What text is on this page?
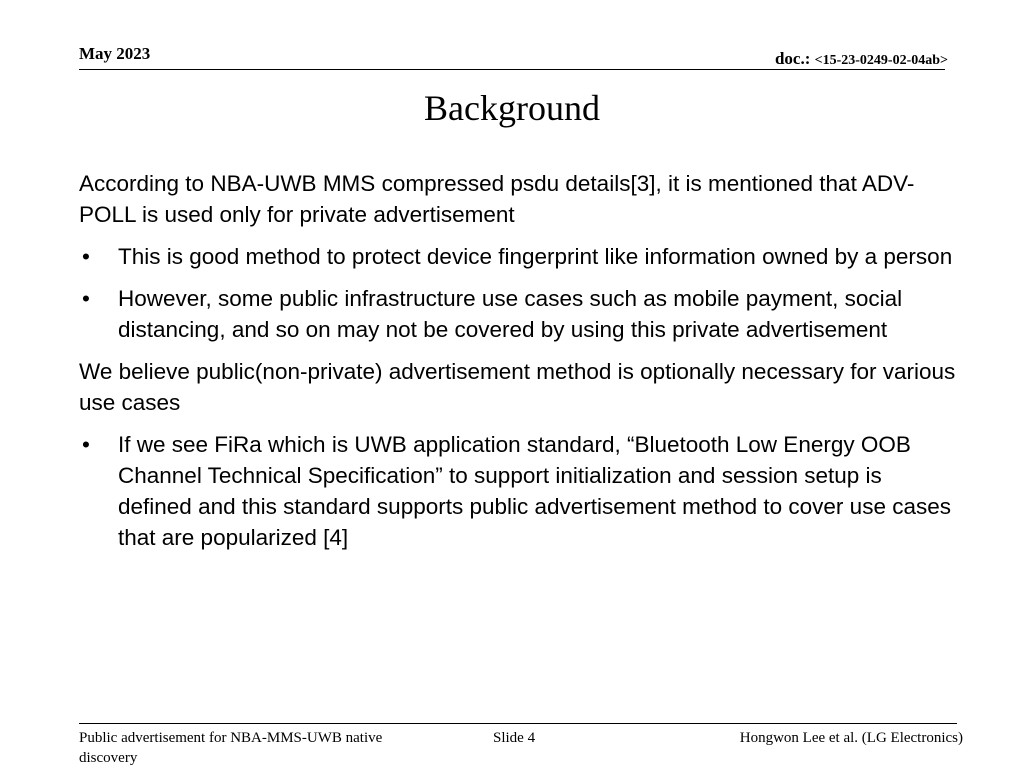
May 2023	doc.: <15-23-0249-02-04ab>
Background

According to NBA-UWB MMS compressed psdu details[3], it is mentioned that ADV-POLL is used only for private advertisement

• This is good method to protect device fingerprint like information owned by a person
• However, some public infrastructure use cases such as mobile payment, social distancing, and so on may not be covered by using this private advertisement

We believe public(non-private) advertisement method is optionally necessary for various use cases

• If we see FiRa which is UWB application standard, “Bluetooth Low Energy OOB Channel Technical Specification” to support initialization and session setup is defined and this standard supports public advertisement method to cover use cases that are popularized [4]
Public advertisement for NBA-MMS-UWB native discovery
Slide 4	Hongwon Lee et al. (LG Electronics)
